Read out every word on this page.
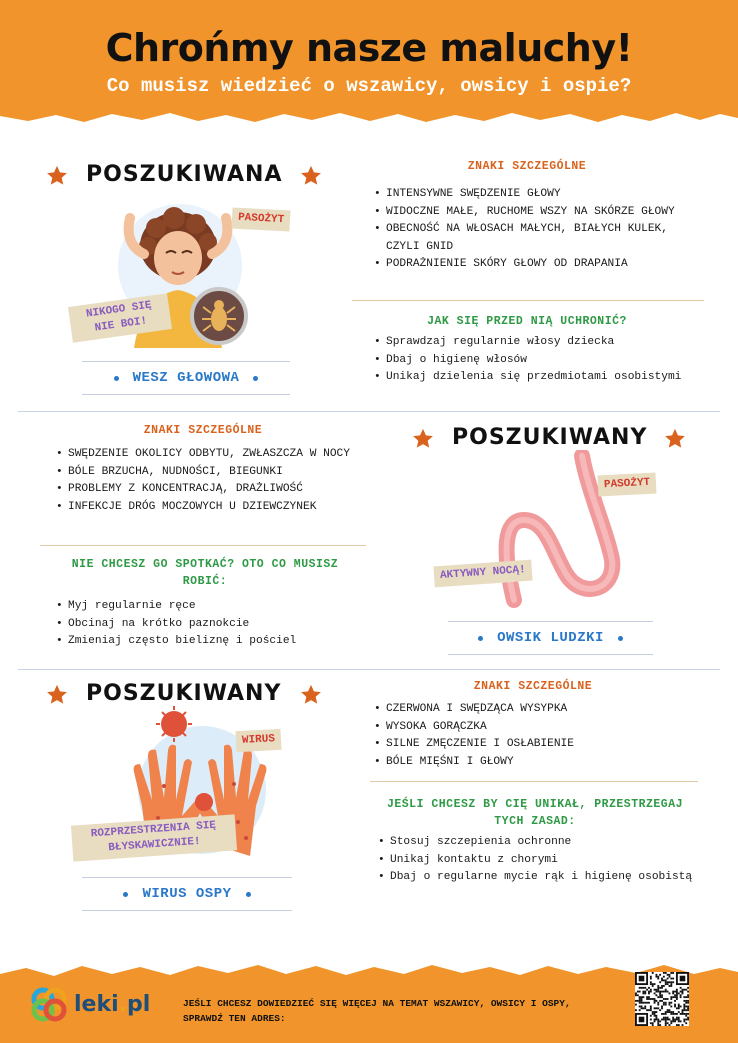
Chrońmy nasze maluchy!
Co musisz wiedzieć o wszawicy, owsicy i ospie?
POSZUKIWANA
PASOŻYT
NIKOGO SIĘ NIE BOI!
WESZ GŁOWOWA
ZNAKI SZCZEGÓLNE
• INTENSYWNE SWĘDZENIE GŁOWY
• WIDOCZNE MAŁE, RUCHOME WSZY NA SKÓRZE GŁOWY
• OBECNOŚĆ NA WŁOSACH MAŁYCH, BIAŁYCH KULEK, CZYLI GNID
• PODRAŻNIENIE SKÓRY GŁOWY OD DRAPANIA
JAK SIĘ PRZED NIĄ UCHRONIĆ?
• Sprawdzaj regularnie włosy dziecka
• Dbaj o higienę włosów
• Unikaj dzielenia się przedmiotami osobistymi
ZNAKI SZCZEGÓLNE
• SWĘDZENIE OKOLICY ODBYTU, ZWŁASZCZA W NOCY
• BÓLE BRZUCHA, NUDNOŚCI, BIEGUNKI
• PROBLEMY Z KONCENTRACJĄ, DRAŻLIWOŚĆ
• INFEKCJE DRÓG MOCZOWYCH U DZIEWCZYNEK
NIE CHCESZ GO SPOTKAĆ? OTO CO MUSISZ ROBIĆ:
• Myj regularnie ręce
• Obcinaj na krótko paznokcie
• Zmieniaj często bieliznę i pościel
POSZUKIWANY
PASOŻYT
AKTYWNY NOCĄ!
OWSIK LUDZKI
POSZUKIWANY
WIRUS
ROZPRZESTRZENIA SIĘ BŁYSKAWICZNIE!
WIRUS OSPY
ZNAKI SZCZEGÓLNE
• CZERWONA I SWĘDZĄCA WYSYPKA
• WYSOKA GORĄCZKA
• SILNE ZMĘCZENIE I OSŁABIENIE
• BÓLE MIĘŚNI I GŁOWY
JEŚLI CHCESZ BY CIĘ UNIKAŁ, PRZESTRZEGAJ TYCH ZASAD:
• Stosuj szczepienia ochronne
• Unikaj kontaktu z chorymi
• Dbaj o regularne mycie rąk i higienę osobistą
leki.pl	JEŚLI CHCESZ DOWIEDZIEĆ SIĘ WIĘCEJ NA TEMAT WSZAWICY, OWSICY I OSPY, SPRAWDŹ TEN ADRES:
